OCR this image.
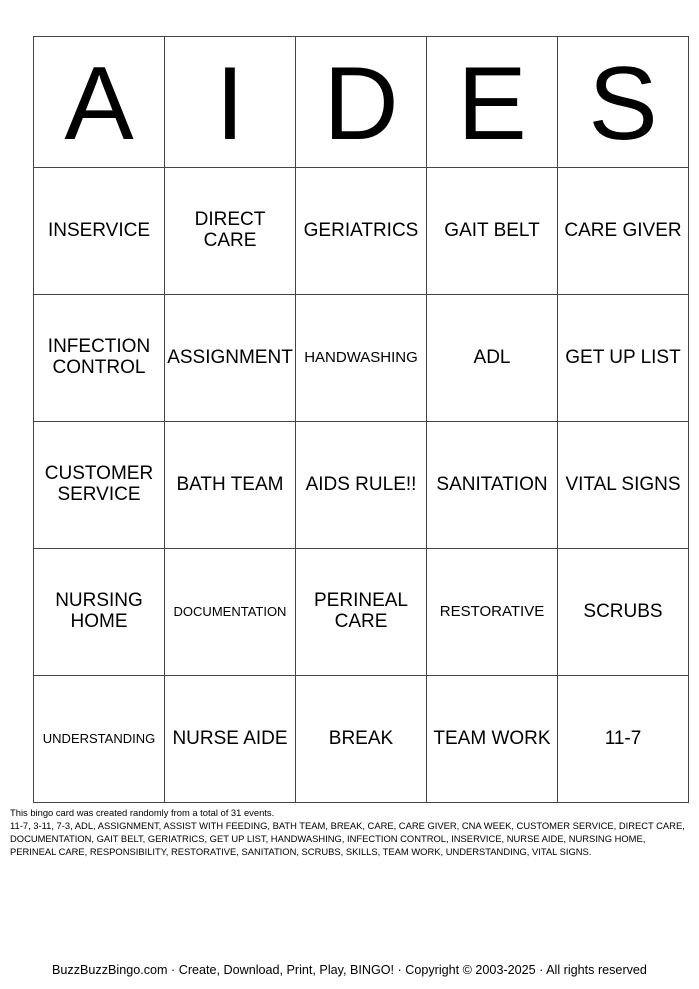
A	I	D	E	S
INSERVICE	DIRECT CARE	GERIATRICS	GAIT BELT	CARE GIVER
INFECTION CONTROL	ASSIGNMENT	HANDWASHING	ADL	GET UP LIST
CUSTOMER SERVICE	BATH TEAM	AIDS RULE!!	SANITATION	VITAL SIGNS
NURSING HOME	DOCUMENTATION	PERINEAL CARE	RESTORATIVE	SCRUBS
UNDERSTANDING	NURSE AIDE	BREAK	TEAM WORK	11-7

This bingo card was created randomly from a total of 31 events.

11-7, 3-11, 7-3, ADL, ASSIGNMENT, ASSIST WITH FEEDING, BATH TEAM, BREAK, CARE, CARE GIVER, CNA WEEK, CUSTOMER SERVICE, DIRECT CARE, DOCUMENTATION, GAIT BELT, GERIATRICS, GET UP LIST, HANDWASHING, INFECTION CONTROL, INSERVICE, NURSE AIDE, NURSING HOME, PERINEAL CARE, RESPONSIBILITY, RESTORATIVE, SANITATION, SCRUBS, SKILLS, TEAM WORK, UNDERSTANDING, VITAL SIGNS.

BuzzBuzzBingo.com · Create, Download, Print, Play, BINGO! · Copyright © 2003-2025 · All rights reserved
